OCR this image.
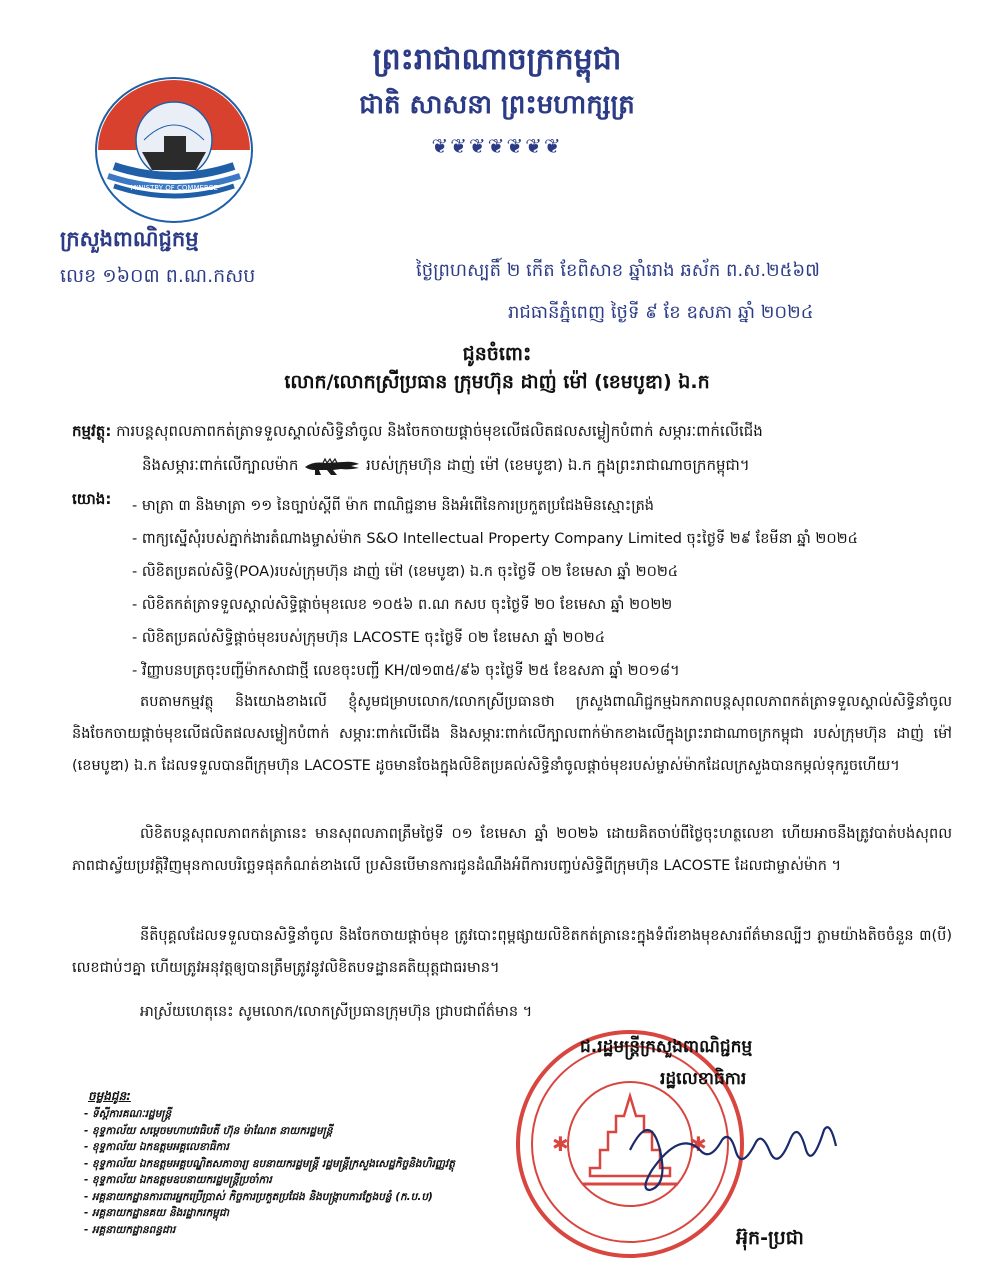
ព្រះរាជាណាចក្រកម្ពុជា
ជាតិ សាសនា ព្រះមហាក្សត្រ
❦❦❦❦❦❦❦
MINISTRY OF COMMERCE
ក្រសួងពាណិជ្ជកម្ម
លេខ ១៦០៣ ព.ណ.កសប	ថ្ងៃព្រហស្បតិ៍ ២ កើត ខែពិសាខ ឆ្នាំរោង ឆស័ក ព.ស.២៥៦៧
រាជធានីភ្នំពេញ ថ្ងៃទី ៩ ខែ ឧសភា ឆ្នាំ ២០២៤
ជូនចំពោះ
លោក/លោកស្រីប្រធាន ក្រុមហ៊ុន ដាញ់ ម៉ៅ (ខេមបូឌា) ឯ.ក
កម្មវត្ថុ: ការបន្តសុពលភាពកត់ត្រាទទួលស្គាល់សិទ្ធិនាំចូល និងចែកចាយផ្តាច់មុខលើផលិតផលសម្លៀកបំពាក់ សម្ភារៈពាក់លើជើង
និងសម្ភារៈពាក់លើក្បាលម៉ាក	របស់ក្រុមហ៊ុន ដាញ់ ម៉ៅ (ខេមបូឌា) ឯ.ក ក្នុងព្រះរាជាណាចក្រកម្ពុជា។
យោង: - មាត្រា ៣ និងមាត្រា ១១ នៃច្បាប់ស្តីពី ម៉ាក ពាណិជ្ជនាម និងអំពើនៃការប្រកួតប្រជែងមិនស្មោះត្រង់
- ពាក្យស្នើសុំរបស់ភ្នាក់ងារតំណាងម្ចាស់ម៉ាក S&O Intellectual Property Company Limited ចុះថ្ងៃទី ២៩ ខែមីនា ឆ្នាំ ២០២៤
- លិខិតប្រគល់សិទ្ធិ(POA)របស់ក្រុមហ៊ុន ដាញ់ ម៉ៅ (ខេមបូឌា) ឯ.ក ចុះថ្ងៃទី ០២ ខែមេសា ឆ្នាំ ២០២៤
- លិខិតកត់ត្រាទទួលស្គាល់សិទ្ធិផ្តាច់មុខលេខ ១០៥៦ ព.ណ កសប ចុះថ្ងៃទី ២០ ខែមេសា ឆ្នាំ ២០២២
- លិខិតប្រគល់សិទ្ធិផ្តាច់មុខរបស់ក្រុមហ៊ុន LACOSTE ចុះថ្ងៃទី ០២ ខែមេសា ឆ្នាំ ២០២៤
- វិញ្ញាបនបត្រចុះបញ្ជីម៉ាកសាជាថ្មី លេខចុះបញ្ជី KH/៧១៣៥/៩៦ ចុះថ្ងៃទី ២៥ ខែឧសភា ឆ្នាំ ២០១៨។

តបតាមកម្មវត្ថុ និងយោងខាងលើ ខ្ញុំសូមជម្រាបលោក/លោកស្រីប្រធានថា ក្រសួងពាណិជ្ជកម្មឯកភាពបន្តសុពលភាពកត់ត្រាទទួលស្គាល់សិទ្ធិនាំចូល និងចែកចាយផ្តាច់មុខលើផលិតផលសម្លៀកបំពាក់ សម្ភារៈពាក់លើជើង និងសម្ភារៈពាក់លើក្បាលពាក់ម៉ាកខាងលើក្នុងព្រះរាជាណាចក្រកម្ពុជា របស់ក្រុមហ៊ុន ដាញ់ ម៉ៅ (ខេមបូឌា) ឯ.ក ដែលទទួលបានពីក្រុមហ៊ុន LACOSTE ដូចមានចែងក្នុងលិខិតប្រគល់សិទ្ធិនាំចូលផ្តាច់មុខរបស់ម្ចាស់ម៉ាកដែលក្រសួងបានកម្កល់ទុករួចហើយ។

លិខិតបន្តសុពលភាពកត់ត្រានេះ មានសុពលភាពត្រឹមថ្ងៃទី ០១ ខែមេសា ឆ្នាំ ២០២៦ ដោយគិតចាប់ពីថ្ងៃចុះហត្ថលេខា ហើយអាចនឹងត្រូវបាត់បង់សុពលភាពជាស្វ័យប្រវត្តិវិញមុនកាលបរិច្ឆេទផុតកំណត់ខាងលើ ប្រសិនបើមានការជូនដំណឹងអំពីការបញ្ចប់សិទ្ធិពីក្រុមហ៊ុន LACOSTE ដែលជាម្ចាស់ម៉ាក ។

នីតិបុគ្គលដែលទទួលបានសិទ្ធិនាំចូល និងចែកចាយផ្តាច់មុខ ត្រូវបោះពុម្ពផ្សាយលិខិតកត់ត្រានេះក្នុងទំព័រខាងមុខសារព័ត៌មានល្បីៗ ភ្លាមយ៉ាងតិចចំនួន ៣(បី) លេខជាប់ៗគ្នា ហើយត្រូវអនុវត្តឲ្យបានត្រឹមត្រូវនូវលិខិតបទដ្ឋានគតិយុត្តជាធរមាន។

អាស្រ័យហេតុនេះ សូមលោក/លោកស្រីប្រធានក្រុមហ៊ុន ជ្រាបជាព័ត៌មាន ។

✱	✱
ជ.រដ្ឋមន្ត្រីក្រសួងពាណិជ្ជកម្ម
រដ្ឋលេខាធិការ
អ៊ុក-ប្រជា
ចម្លងជូន:
- ទីស្តីការគណៈរដ្ឋមន្ត្រី
- ខុទ្ទកាល័យ សម្តេចមហាបវរធិបតី ហ៊ុន ម៉ាណែត នាយករដ្ឋមន្ត្រី
- ខុទ្ទកាល័យ ឯកឧត្តមអគ្គលេខាធិការ
- ខុទ្ទកាល័យ ឯកឧត្តមអគ្គបណ្ឌិតសភាចារ្យ ឧបនាយករដ្ឋមន្ត្រី រដ្ឋមន្ត្រីក្រសួងសេដ្ឋកិច្ចនិងហិរញ្ញវត្ថុ
- ខុទ្ទកាល័យ ឯកឧត្តមឧបនាយករដ្ឋមន្ត្រីប្រចាំការ
- អគ្គនាយកដ្ឋានការពារអ្នកប្រើប្រាស់ កិច្ចការប្រកួតប្រជែង និងបង្ក្រាបការក្លែងបន្លំ (ក.ប.ប)
- អគ្គនាយកដ្ឋានគយ និងរដ្ឋាករកម្ពុជា
- អគ្គនាយកដ្ឋានពន្ធដារ
